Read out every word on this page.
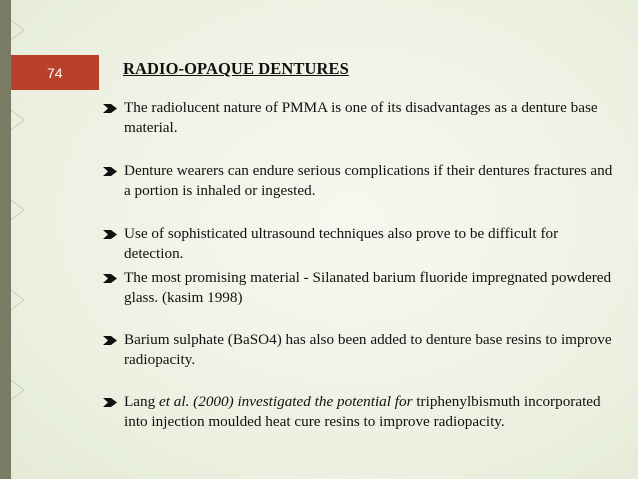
74	RADIO-OPAQUE DENTURES
The radiolucent nature of PMMA is one of its disadvantages as a denture base material.
Denture wearers can endure serious complications if their dentures fractures and a portion is inhaled or ingested.
Use of sophisticated ultrasound techniques also prove to be difficult for detection.
The most promising material - Silanated barium fluoride impregnated powdered glass. (kasim 1998)
Barium sulphate (BaSO4) has also been added to denture base resins to improve radiopacity.
Lang et al. (2000) investigated the potential for triphenylbismuth incorporated into injection moulded heat cure resins to improve radiopacity.
